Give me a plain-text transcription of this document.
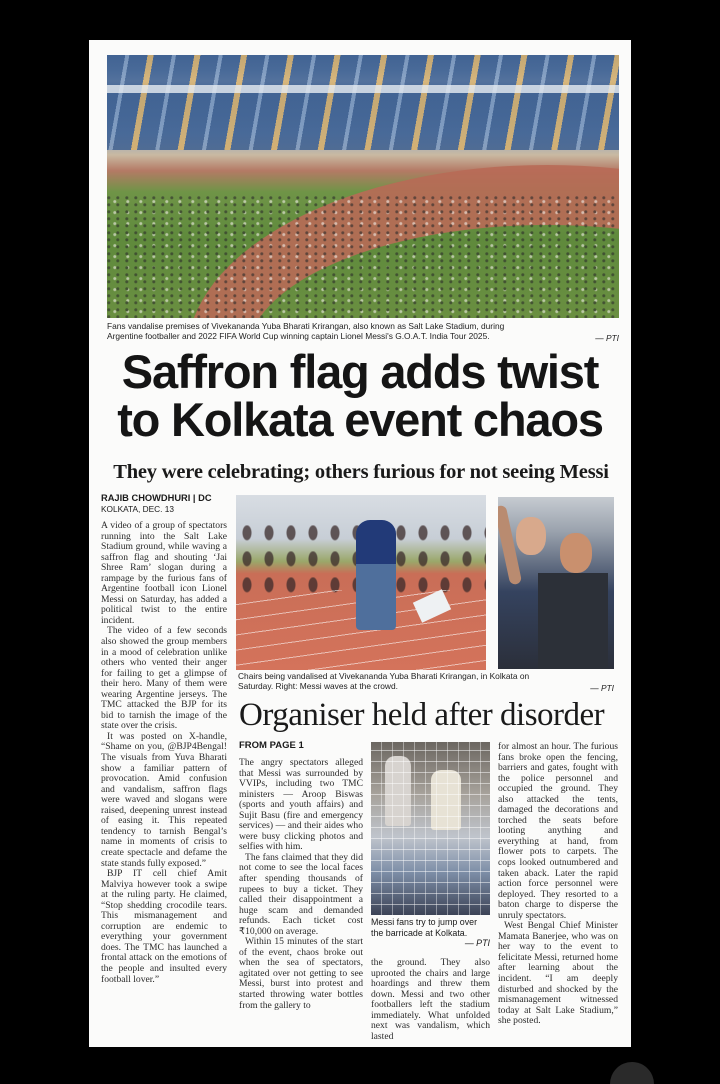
Fans vandalise premises of Vivekananda Yuba Bharati Krirangan, also known as Salt Lake Stadium, during
Argentine footballer and 2022 FIFA World Cup winning captain Lionel Messi's G.O.A.T. India Tour 2025.	— PTI
Saffron flag adds twist
to Kolkata event chaos
They were celebrating; others furious for not seeing Messi
RAJIB CHOWDHURI | DC
KOLKATA, DEC. 13

A video of a group of spectators running into the Salt Lake Stadium ground, while waving a saffron flag and shouting ‘Jai Shree Ram’ slogan during a rampage by the furious fans of Argentine football icon Lionel Messi on Saturday, has added a political twist to the entire incident.

The video of a few seconds also showed the group members in a mood of celebration unlike others who vented their anger for failing to get a glimpse of their hero. Many of them were wearing Argentine jerseys. The TMC attacked the BJP for its bid to tarnish the image of the state over the crisis.

It was posted on X-handle, “Shame on you, @BJP4Bengal! The visuals from Yuva Bharati show a familiar pattern of provocation. Amid confusion and vandalism, saffron flags were waved and slogans were raised, deepening unrest instead of easing it. This repeated tendency to tarnish Bengal’s name in moments of crisis to create spectacle and defame the state stands fully exposed.”

BJP IT cell chief Amit Malviya however took a swipe at the ruling party. He claimed, “Stop shedding crocodile tears. This mismanagement and corruption are endemic to everything your government does. The TMC has launched a frontal attack on the emotions of the people and insulted every football lover.”

Chairs being vandalised at Vivekananda Yuba Bharati Krirangan, in Kolkata on
Saturday. Right: Messi waves at the crowd.	— PTI
Organiser held after disorder
FROM PAGE 1

The angry spectators alleged that Messi was surrounded by VVIPs, including two TMC ministers — Aroop Biswas (sports and youth affairs) and Sujit Basu (fire and emergency services) — and their aides who were busy clicking photos and selfies with him.

The fans claimed that they did not come to see the local faces after spending thousands of rupees to buy a ticket. They called their disappointment a huge scam and demanded refunds. Each ticket cost ₹10,000 on average.

Within 15 minutes of the start of the event, chaos broke out when the sea of spectators, agitated over not getting to see Messi, burst into protest and started throwing water bottles from the gallery to

Messi fans try to jump over the barricade at Kolkata.
— PTI

the ground. They also uprooted the chairs and large hoardings and threw them down. Messi and two other footballers left the stadium immediately. What unfolded next was vandalism, which lasted

for almost an hour. The furious fans broke open the fencing, barriers and gates, fought with the police personnel and occupied the ground. They also attacked the tents, damaged the decorations and torched the seats before looting anything and everything at hand, from flower pots to carpets. The cops looked outnumbered and taken aback. Later the rapid action force personnel were deployed. They resorted to a baton charge to disperse the unruly spectators.

West Bengal Chief Minister Mamata Banerjee, who was on her way to the event to felicitate Messi, returned home after learning about the incident. “I am deeply disturbed and shocked by the mismanagement witnessed today at Salt Lake Stadium,” she posted.
